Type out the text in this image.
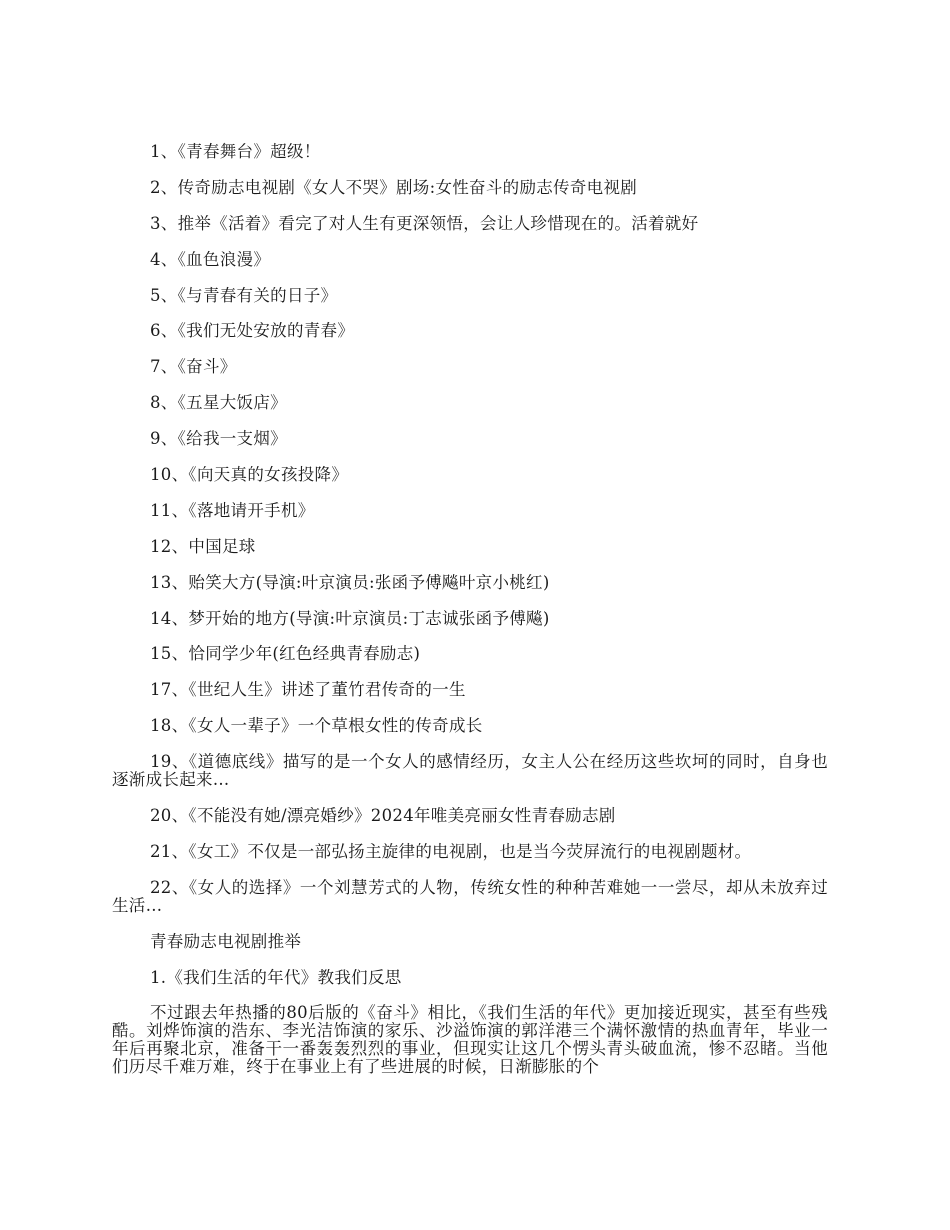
1、《青春舞台》超级！

2、传奇励志电视剧《女人不哭》剧场:女性奋斗的励志传奇电视剧

3、推举《活着》看完了对人生有更深领悟，会让人珍惜现在的。活着就好

4、《血色浪漫》

5、《与青春有关的日子》

6、《我们无处安放的青春》

7、《奋斗》

8、《五星大饭店》

9、《给我一支烟》

10、《向天真的女孩投降》

11、《落地请开手机》

12、中国足球

13、贻笑大方(导演:叶京演员:张函予傅飚叶京小桃红)

14、梦开始的地方(导演:叶京演员:丁志诚张函予傅飚)

15、恰同学少年(红色经典青春励志)

17、《世纪人生》讲述了董竹君传奇的一生

18、《女人一辈子》一个草根女性的传奇成长

19、《道德底线》描写的是一个女人的感情经历，女主人公在经历这些坎坷的同时，自身也逐渐成长起来…

20、《不能没有她/漂亮婚纱》2024年唯美亮丽女性青春励志剧

21、《女工》不仅是一部弘扬主旋律的电视剧，也是当今荧屏流行的电视剧题材。

22、《女人的选择》一个刘慧芳式的人物，传统女性的种种苦难她一一尝尽，却从未放弃过生活…

青春励志电视剧推举

1.《我们生活的年代》教我们反思

不过跟去年热播的80后版的《奋斗》相比，《我们生活的年代》更加接近现实，甚至有些残酷。刘烨饰演的浩东、李光洁饰演的家乐、沙溢饰演的郭洋港三个满怀激情的热血青年，毕业一年后再聚北京，准备干一番轰轰烈烈的事业，但现实让这几个愣头青头破血流，惨不忍睹。当他们历尽千难万难，终于在事业上有了些进展的时候，日渐膨胀的个
